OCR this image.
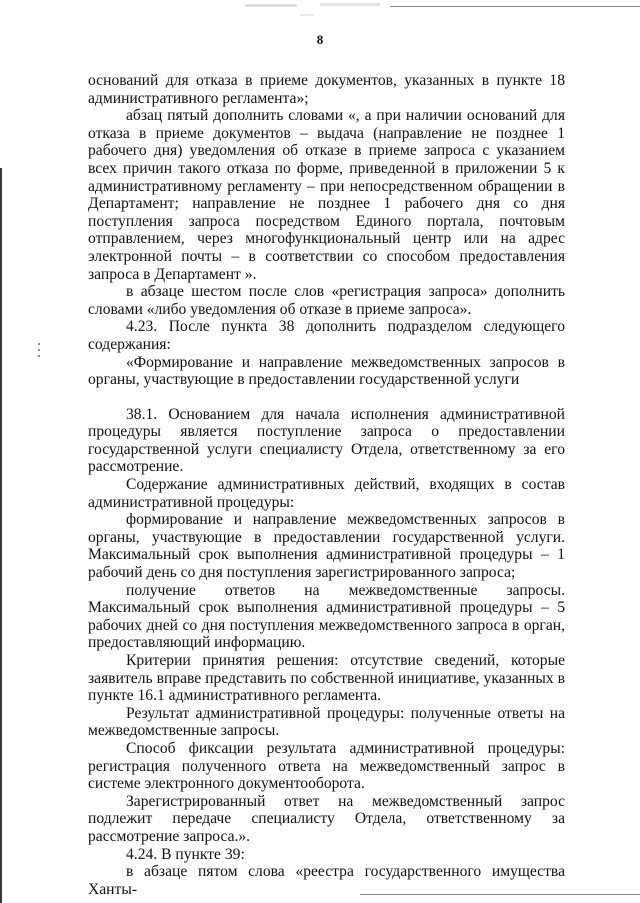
8

оснований для отказа в приеме документов, указанных в пункте 18 административного регламента»;

абзац пятый дополнить словами «, а при наличии оснований для отказа в приеме документов – выдача (направление не позднее 1 рабочего дня) уведомления об отказе в приеме запроса с указанием всех причин такого отказа по форме, приведенной в приложении 5 к административному регламенту – при непосредственном обращении в Департамент; направление не позднее 1 рабочего дня со дня поступления запроса посредством Единого портала, почтовым отправлением, через многофункциональный центр или на адрес электронной почты – в соответствии со способом предоставления запроса в Департамент ».

в абзаце шестом после слов «регистрация запроса» дополнить словами «либо уведомления об отказе в приеме запроса».

4.23. После пункта 38 дополнить подразделом следующего содержания:

«Формирование и направление межведомственных запросов в органы, участвующие в предоставлении государственной услуги

38.1. Основанием для начала исполнения административной процедуры является поступление запроса о предоставлении государственной услуги специалисту Отдела, ответственному за его рассмотрение.

Содержание административных действий, входящих в состав административной процедуры:

формирование и направление межведомственных запросов в органы, участвующие в предоставлении государственной услуги. Максимальный срок выполнения административной процедуры – 1 рабочий день со дня поступления зарегистрированного запроса;

получение ответов на межведомственные запросы. Максимальный срок выполнения административной процедуры – 5 рабочих дней со дня поступления межведомственного запроса в орган, предоставляющий информацию.

Критерии принятия решения: отсутствие сведений, которые заявитель вправе представить по собственной инициативе, указанных в пункте 16.1 административного регламента.

Результат административной процедуры: полученные ответы на межведомственные запросы.

Способ фиксации результата административной процедуры: регистрация полученного ответа на межведомственный запрос в системе электронного документооборота.

Зарегистрированный ответ на межведомственный запрос подлежит передаче специалисту Отдела, ответственному за рассмотрение запроса.».

4.24. В пункте 39:

в абзаце пятом слова «реестра государственного имущества Ханты-
